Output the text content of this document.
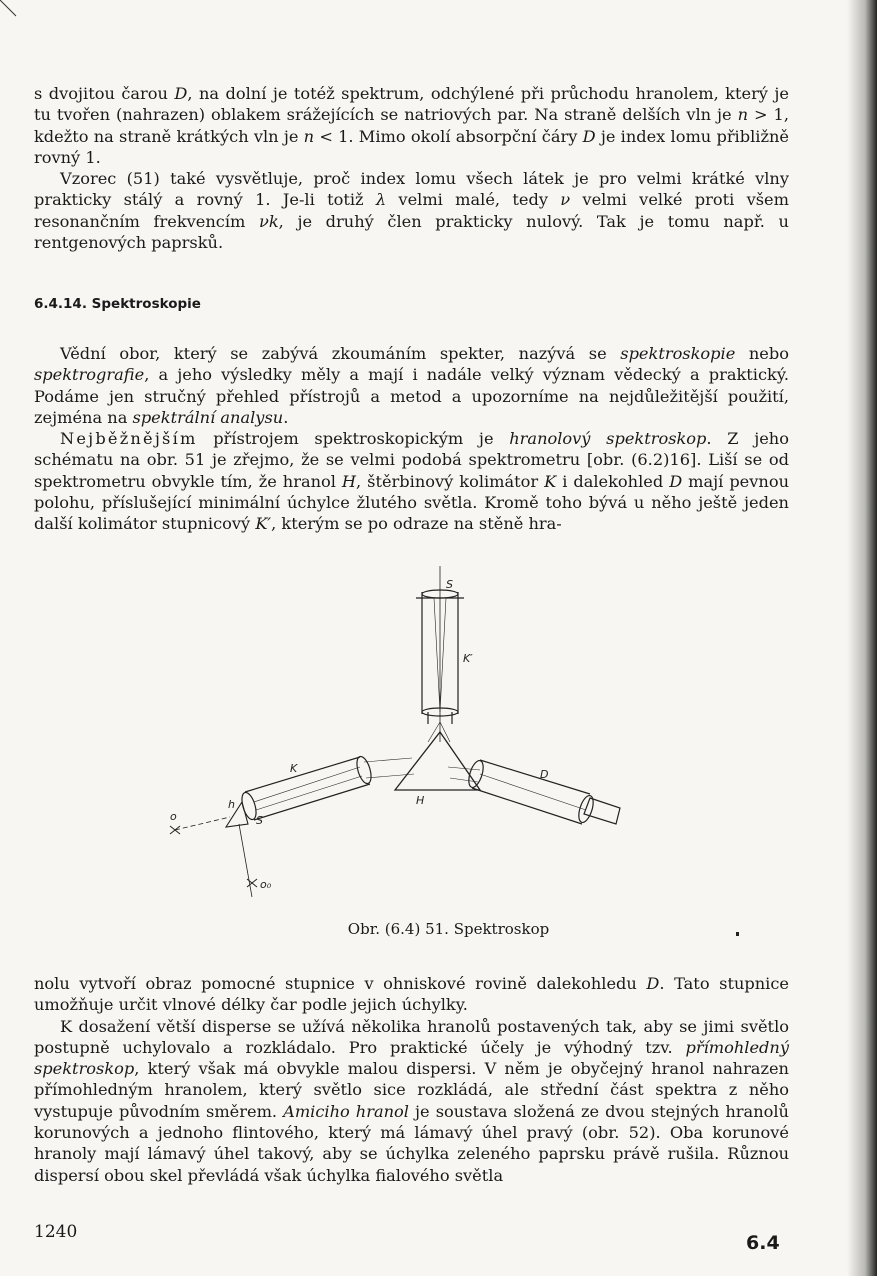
s dvojitou čarou D, na dolní je totéž spektrum, odchýlené při průchodu hranolem, který je tu tvořen (nahrazen) oblakem srážejících se natriových par. Na straně delších vln je n > 1, kdežto na straně krátkých vln je n < 1. Mimo okolí absorpční čáry D je index lomu přibližně rovný 1.

Vzorec (51) také vysvětluje, proč index lomu všech látek je pro velmi krátké vlny prakticky stálý a rovný 1. Je-li totiž λ velmi malé, tedy ν velmi velké proti všem resonančním frekvencím νk, je druhý člen prakticky nulový. Tak je tomu např. u rentgenových paprsků.

6.4.14. Spektroskopie

Vědní obor, který se zabývá zkoumáním spekter, nazývá se spektroskopie nebo spektrografie, a jeho výsledky měly a mají i nadále velký význam vědecký a praktický. Podáme jen stručný přehled přístrojů a metod a upozorníme na nejdůležitější použití, zejména na spektrální analysu.

Nejběžnějším přístrojem spektroskopickým je hranolový spektroskop. Z jeho schématu na obr. 51 je zřejmo, že se velmi podobá spektrometru [obr. (6.2)16]. Liší se od spektrometru obvykle tím, že hranol H, štěrbinový kolimátor K i dalekohled D mají pevnou polohu, příslušející minimální úchylce žlutého světla. Kromě toho bývá u něho ještě jeden další kolimátor stupnicový K′, kterým se po odraze na stěně hra-

S
K′
K
H
D
h
S
o
o₀
Obr. (6.4) 51. Spektroskop

nolu vytvoří obraz pomocné stupnice v ohniskové rovině dalekohledu D. Tato stupnice umožňuje určit vlnové délky čar podle jejich úchylky.

K dosažení větší disperse se užívá několika hranolů postavených tak, aby se jimi světlo postupně uchylovalo a rozkládalo. Pro praktické účely je výhodný tzv. přímohledný spektroskop, který však má obvykle malou dispersi. V něm je obyčejný hranol nahrazen přímohledným hranolem, který světlo sice rozkládá, ale střední část spektra z něho vystupuje původním směrem. Amiciho hranol je soustava složená ze dvou stejných hranolů korunových a jednoho flintového, který má lámavý úhel pravý (obr. 52). Oba korunové hranoly mají lámavý úhel takový, aby se úchylka zeleného paprsku právě rušila. Různou dispersí obou skel převládá však úchylka fialového světla

1240	6.4
